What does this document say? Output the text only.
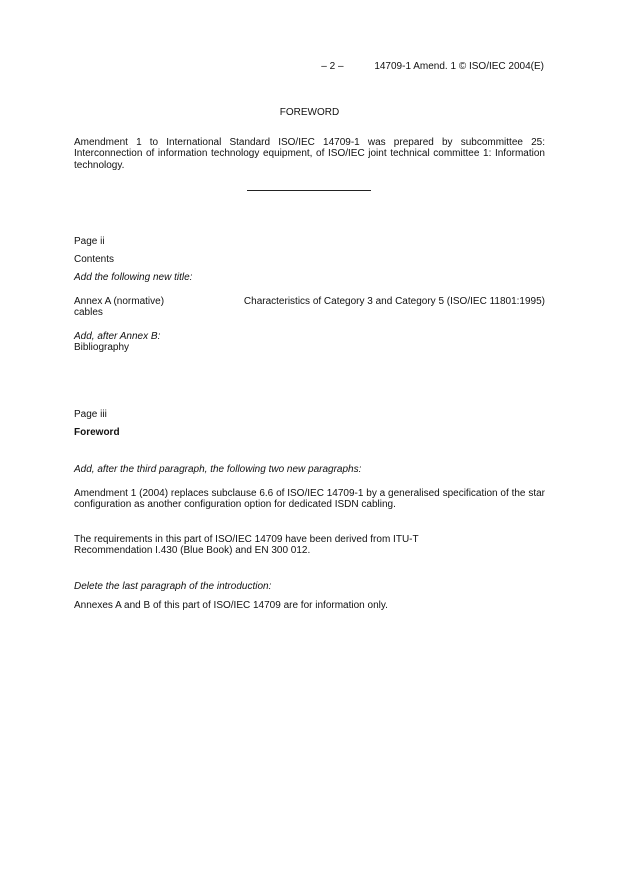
– 2 –	14709-1 Amend. 1 © ISO/IEC 2004(E)

FOREWORD

Amendment 1 to International Standard ISO/IEC 14709-1 was prepared by subcommittee 25: Interconnection of information technology equipment, of ISO/IEC joint technical committee 1: Information technology.

Page ii

Contents

Add the following new title:

Annex A (normative)	Characteristics of Category 3 and Category 5 (ISO/IEC 11801:1995)
cables

Add, after Annex B:

Bibliography

Page iii

Foreword

Add, after the third paragraph, the following two new paragraphs:

Amendment 1 (2004) replaces subclause 6.6 of ISO/IEC 14709-1 by a generalised specification of the star configuration as another configuration option for dedicated ISDN cabling.

The requirements in this part of ISO/IEC 14709 have been derived from ITU-T
Recommendation I.430 (Blue Book) and EN 300 012.

Delete the last paragraph of the introduction:

Annexes A and B of this part of ISO/IEC 14709 are for information only.
